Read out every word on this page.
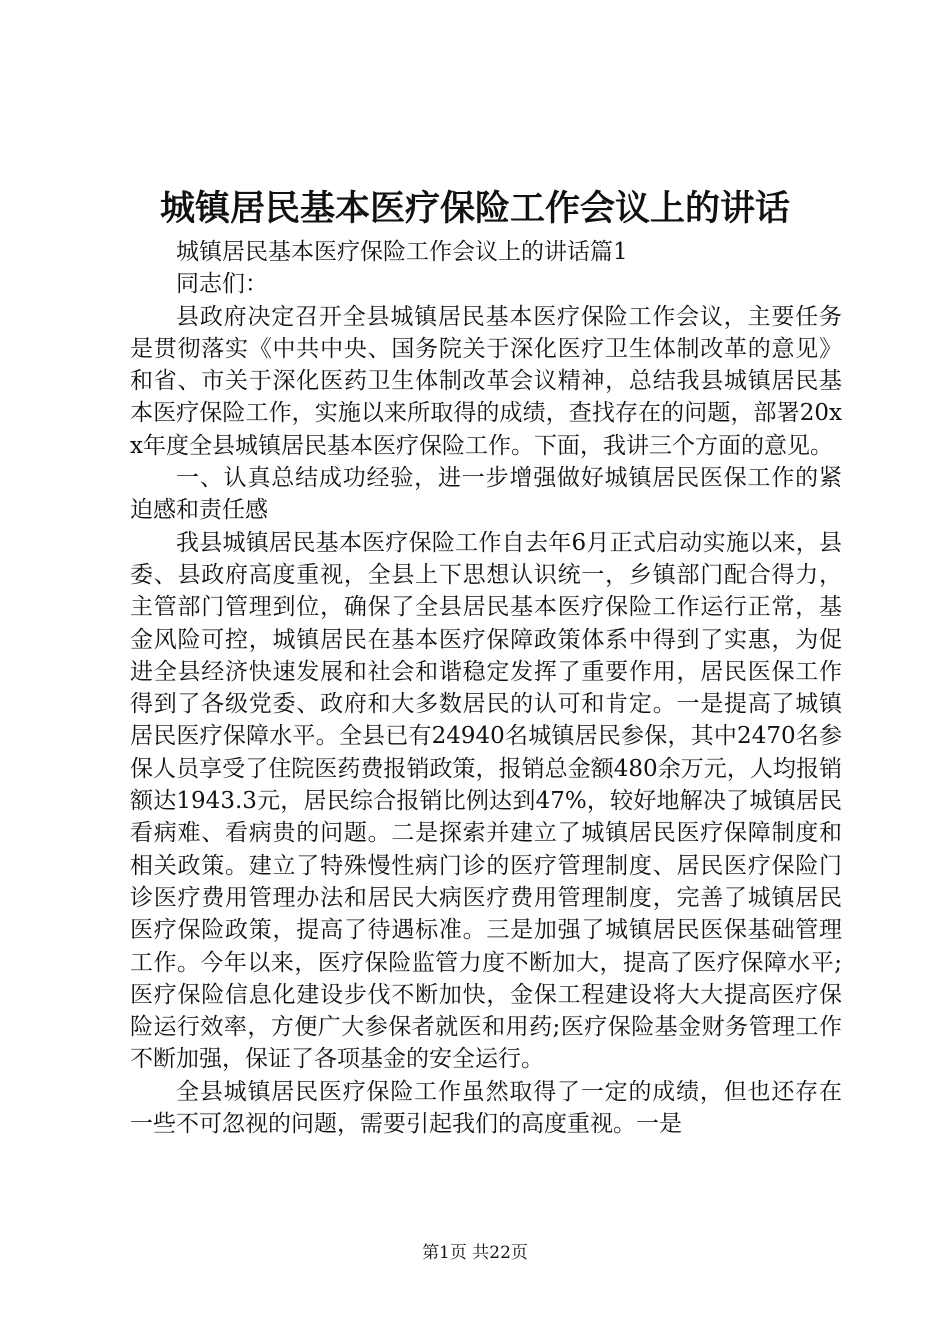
城镇居民基本医疗保险工作会议上的讲话

城镇居民基本医疗保险工作会议上的讲话篇1

同志们：

县政府决定召开全县城镇居民基本医疗保险工作会议，主要任务是贯彻落实《中共中央、国务院关于深化医疗卫生体制改革的意见》和省、市关于深化医药卫生体制改革会议精神，总结我县城镇居民基本医疗保险工作，实施以来所取得的成绩，查找存在的问题，部署20xx年度全县城镇居民基本医疗保险工作。下面，我讲三个方面的意见。

一、认真总结成功经验，进一步增强做好城镇居民医保工作的紧迫感和责任感

我县城镇居民基本医疗保险工作自去年6月正式启动实施以来，县委、县政府高度重视，全县上下思想认识统一，乡镇部门配合得力，主管部门管理到位，确保了全县居民基本医疗保险工作运行正常，基金风险可控，城镇居民在基本医疗保障政策体系中得到了实惠，为促进全县经济快速发展和社会和谐稳定发挥了重要作用，居民医保工作得到了各级党委、政府和大多数居民的认可和肯定。一是提高了城镇居民医疗保障水平。全县已有24940名城镇居民参保，其中2470名参保人员享受了住院医药费报销政策，报销总金额480余万元，人均报销额达1943.3元，居民综合报销比例达到47%，较好地解决了城镇居民看病难、看病贵的问题。二是探索并建立了城镇居民医疗保障制度和相关政策。建立了特殊慢性病门诊的医疗管理制度、居民医疗保险门诊医疗费用管理办法和居民大病医疗费用管理制度，完善了城镇居民医疗保险政策，提高了待遇标准。三是加强了城镇居民医保基础管理工作。今年以来，医疗保险监管力度不断加大，提高了医疗保障水平;医疗保险信息化建设步伐不断加快，金保工程建设将大大提高医疗保险运行效率，方便广大参保者就医和用药;医疗保险基金财务管理工作不断加强，保证了各项基金的安全运行。

全县城镇居民医疗保险工作虽然取得了一定的成绩，但也还存在一些不可忽视的问题，需要引起我们的高度重视。一是

第1页 共22页
